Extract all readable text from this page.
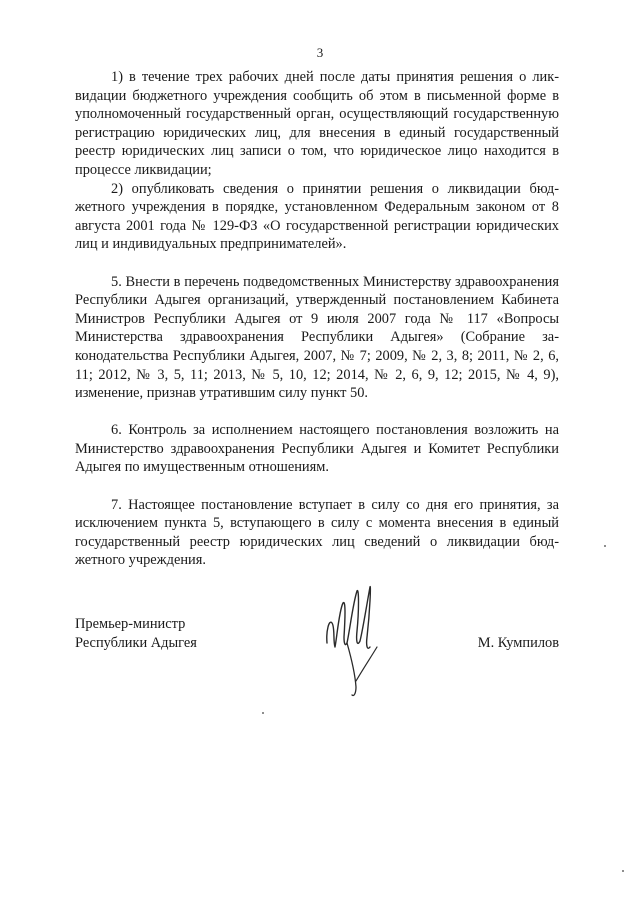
3

1) в течение трех рабочих дней после даты принятия решения о ликвидации бюджетного учреждения сообщить об этом в письменной форме в уполномоченный государственный орган, осуществляющий государственную регистрацию юридических лиц, для внесения в единый государственный реестр юридических лиц записи о том, что юридическое лицо находится в процессе ликвидации;

2) опубликовать сведения о принятии решения о ликвидации бюджетного учреждения в порядке, установленном Федеральным законом от 8 августа 2001 года № 129-ФЗ «О государственной регистрации юридических лиц и индивидуальных предпринимателей».

5. Внести в перечень подведомственных Министерству здравоохранения Республики Адыгея организаций, утвержденный постановлением Кабинета Министров Республики Адыгея от 9 июля 2007 года № 117 «Вопросы Министерства здравоохранения Республики Адыгея» (Собрание законодательства Республики Адыгея, 2007, № 7; 2009, № 2, 3, 8; 2011, № 2, 6, 11; 2012, № 3, 5, 11; 2013, № 5, 10, 12; 2014, № 2, 6, 9, 12; 2015, № 4, 9), изменение, признав утратившим силу пункт 50.

6. Контроль за исполнением настоящего постановления возложить на Министерство здравоохранения Республики Адыгея и Комитет Республики Адыгея по имущественным отношениям.

7. Настоящее постановление вступает в силу со дня его принятия, за исключением пункта 5, вступающего в силу с момента внесения в единый государственный реестр юридических лиц сведений о ликвидации бюджетного учреждения.

Премьер-министр
Республики Адыгея	М. Кумпилов
